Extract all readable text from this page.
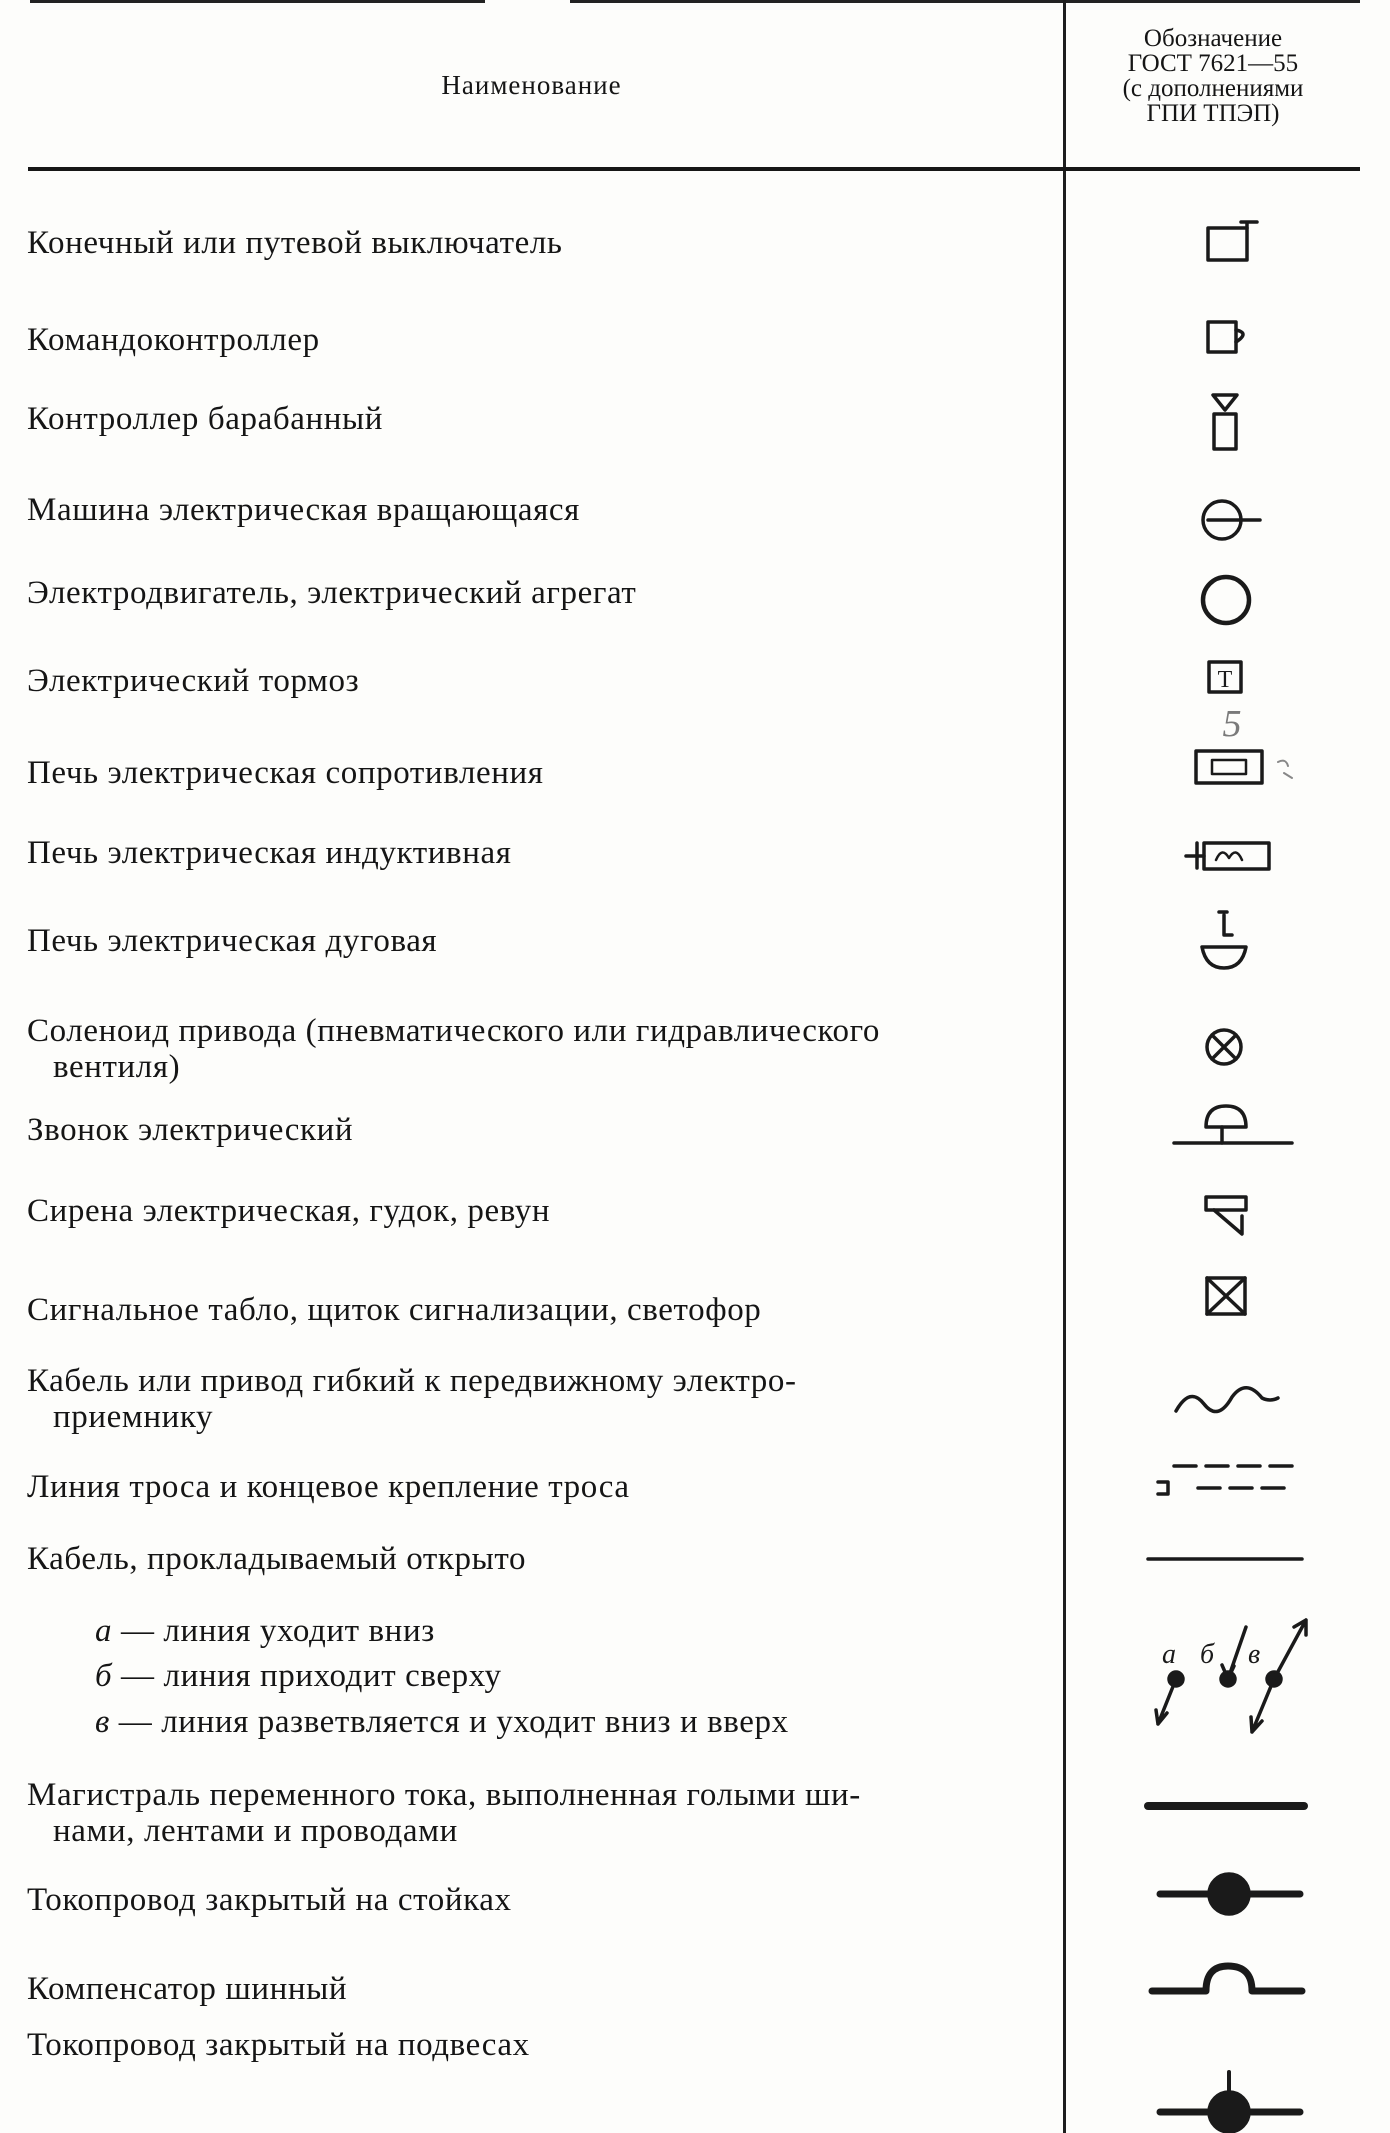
Наименование
Обозначение
ГОСТ 7621—55
(с дополнениями
ГПИ ТПЭП)
Конечный или путевой выключатель
Командоконтроллер
Контроллер барабанный
Машина электрическая вращающаяся
Электродвигатель, электрический агрегат
Электрический тормоз
Печь электрическая сопротивления
Печь электрическая индуктивная
Печь электрическая дуговая
Соленоид привода (пневматического или гидравлического
вентиля)
Звонок электрический
Сирена электрическая, гудок, ревун
Сигнальное табло, щиток сигнализации, светофор
Кабель или привод гибкий к передвижному электро-
приемнику
Линия троса и концевое крепление троса
Кабель, прокладываемый открыто
а — линия уходит вниз
б — линия приходит сверху
в — линия разветвляется и уходит вниз и вверх
Магистраль переменного тока, выполненная голыми ши-
нами, лентами и проводами
Токопровод закрытый на стойках
Компенсатор шинный
Токопровод закрытый на подвесах
Т
5
а б в
